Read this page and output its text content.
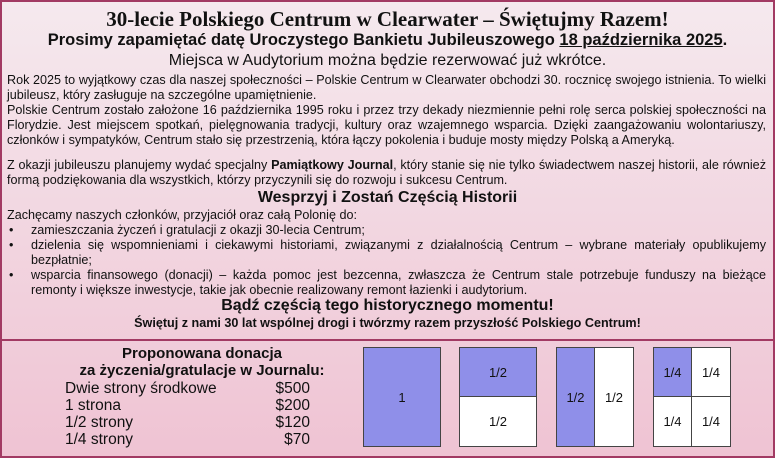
30-lecie Polskiego Centrum w Clearwater – Świętujmy Razem!
Prosimy zapamiętać datę Uroczystego Bankietu Jubileuszowego 18 października 2025.
Miejsca w Audytorium można będzie rezerwować już wkrótce.
Rok 2025 to wyjątkowy czas dla naszej społeczności – Polskie Centrum w Clearwater obchodzi 30. rocznicę swojego istnienia. To wielki jubileusz, który zasługuje na szczególne upamiętnienie.
Polskie Centrum zostało założone 16 października 1995 roku i przez trzy dekady niezmiennie pełni rolę serca polskiej społeczności na Florydzie. Jest miejscem spotkań, pielęgnowania tradycji, kultury oraz wzajemnego wsparcia. Dzięki zaangażowaniu wolontariuszy, członków i sympatyków, Centrum stało się przestrzenią, która łączy pokolenia i buduje mosty między Polską a Ameryką.
Z okazji jubileuszu planujemy wydać specjalny Pamiątkowy Journal, który stanie się nie tylko świadectwem naszej historii, ale również formą podziękowania dla wszystkich, którzy przyczynili się do rozwoju i sukcesu Centrum.
Wesprzyj i Zostań Częścią Historii
Zachęcamy naszych członków, przyjaciół oraz całą Polonię do:
• zamieszczania życzeń i gratulacji z okazji 30-lecia Centrum;
• dzielenia się wspomnieniami i ciekawymi historiami, związanymi z działalnością Centrum – wybrane materiały opublikujemy bezpłatnie;
• wsparcia finansowego (donacji) – każda pomoc jest bezcenna, zwłaszcza że Centrum stale potrzebuje funduszy na bieżące remonty i większe inwestycje, takie jak obecnie realizowany remont łazienki i audytorium.
Bądź częścią tego historycznego momentu!
Świętuj z nami 30 lat wspólnej drogi i twórzmy razem przyszłość Polskiego Centrum!
Proponowana donacja
za życzenia/gratulacje w Journalu:
Dwie strony środkowe	$500
1 strona	$200
1/2 strony	$120
1/4 strony	$70
1
1/2
1/2
1/2	1/2
1/4	1/4
1/4	1/4
